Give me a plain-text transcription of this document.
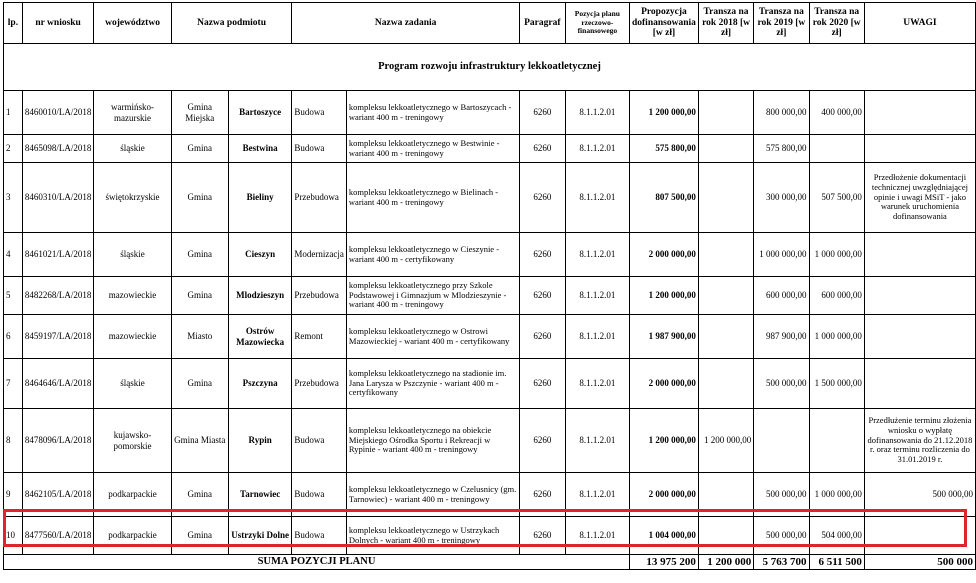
lp.	nr wniosku	województwo	Nazwa podmiotu		Nazwa zadania		Paragraf	Pozycja planu rzeczowo-finansowego	Propozycja dofinansowania [w zł]	Transza na rok 2018 [w zł]	Transza na rok 2019 [w zł]	Transza na rok 2020 [w zł]	UWAGI
Program rozwoju infrastruktury lekkoatletycznej													
1	8460010/LA/2018	warmińsko-mazurskie	Gmina Miejska	Bartoszyce	Budowa	kompleksu lekkoatletycznego w Bartoszycach - wariant 400 m - treningowy	6260	8.1.1.2.01	1 200 000,00		800 000,00	400 000,00	
2	8465098/LA/2018	śląskie	Gmina	Bestwina	Budowa	kompleksu lekkoatletycznego w Bestwinie - wariant 400 m - treningowy	6260	8.1.1.2.01	575 800,00		575 800,00		
3	8460310/LA/2018	świętokrzyskie	Gmina	Bieliny	Przebudowa	kompleksu lekkoatletycznego w Bielinach - wariant 400 m - treningowy	6260	8.1.1.2.01	807 500,00		300 000,00	507 500,00	Przedłożenie dokumentacji technicznej uwzględniającej opinie i uwagi MSiT - jako warunek uruchomienia dofinansowania
4	8461021/LA/2018	śląskie	Gmina	Cieszyn	Modernizacja	kompleksu lekkoatletycznego w Cieszynie - wariant 400 m - certyfikowany	6260	8.1.1.2.01	2 000 000,00		1 000 000,00	1 000 000,00	
5	8482268/LA/2018	mazowieckie	Gmina	Mlodzieszyn	Przebudowa	kompleksu lekkoatletycznego przy Szkole Podstawowej i Gimnazjum w Mlodzieszynie - wariant 400 m - treningowy	6260	8.1.1.2.01	1 200 000,00		600 000,00	600 000,00	
6	8459197/LA/2018	mazowieckie	Miasto	Ostrów Mazowiecka	Remont	kompleksu lekkoatletycznego w Ostrowi Mazowieckiej - wariant 400 m - certyfikowany	6260	8.1.1.2.01	1 987 900,00		987 900,00	1 000 000,00	
7	8464646/LA/2018	śląskie	Gmina	Pszczyna	Przebudowa	kompleksu lekkoatletycznego na stadionie im. Jana Larysza w Pszczynie - wariant 400 m - certyfikowany	6260	8.1.1.2.01	2 000 000,00		500 000,00	1 500 000,00	
8	8478096/LA/2018	kujawsko-pomorskie	Gmina Miasta	Rypin	Budowa	kompleksu lekkoatletycznego na obiekcie Miejskiego Ośrodka Sportu i Rekreacji w Rypinie - wariant 400 m - treningowy	6260	8.1.1.2.01	1 200 000,00	1 200 000,00			Przedłużenie terminu złożenia wniosku o wypłatę dofinansowania do 21.12.2018 r. oraz terminu rozliczenia do 31.01.2019 r.
9	8462105/LA/2018	podkarpackie	Gmina	Tarnowiec	Budowa	kompleksu lekkoatletycznego w Czelusnicy (gm. Tarnowiec) - wariant 400 m - treningowy	6260	8.1.1.2.01	2 000 000,00		500 000,00	1 000 000,00	500 000,00
10	8477560/LA/2018	podkarpackie	Gmina	Ustrzyki Dolne	Budowa	kompleksu lekkoatletycznego w Ustrzykach Dolnych - wariant 400 m - treningowy	6260	8.1.1.2.01	1 004 000,00		500 000,00	504 000,00	
SUMA POZYCJI PLANU									13 975 200	1 200 000	5 763 700	6 511 500	500 000
